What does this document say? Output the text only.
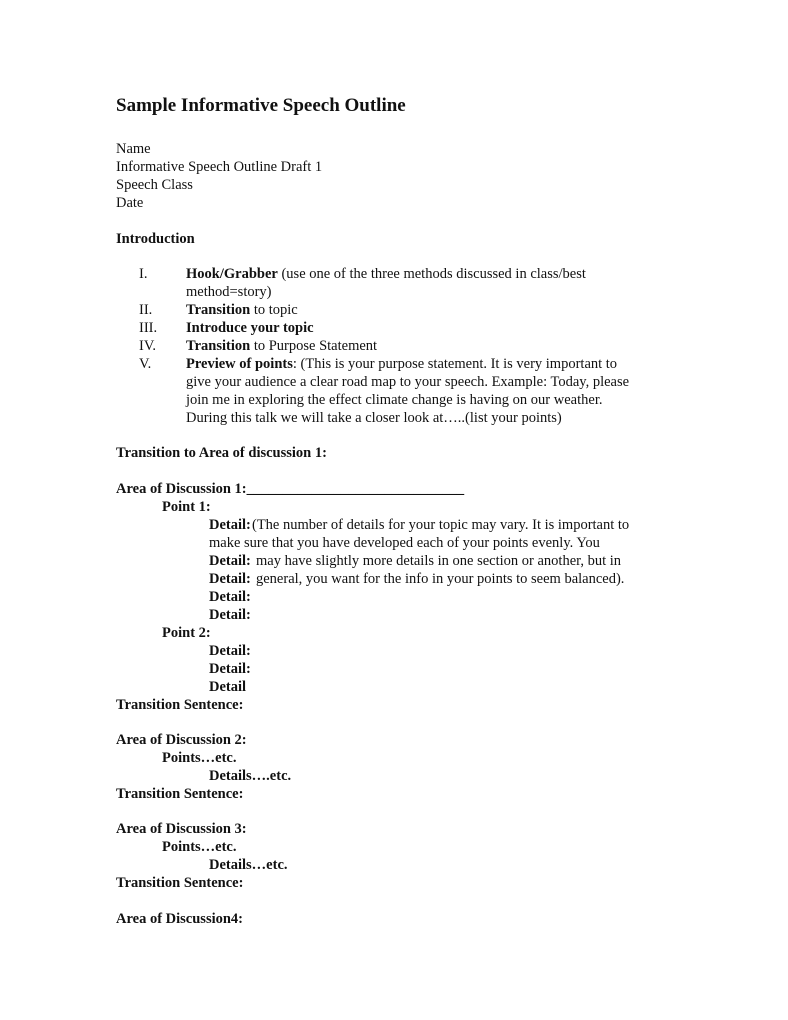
Sample Informative Speech Outline
Name
Informative Speech Outline Draft 1
Speech Class
Date
Introduction
I.	Hook/Grabber (use one of the three methods discussed in class/best
method=story)
II. Transition to topic
III. Introduce your topic
IV. Transition to Purpose Statement
V. Preview of points: (This is your purpose statement. It is very important to
give your audience a clear road map to your speech. Example: Today, please
join me in exploring the effect climate change is having on our weather.
During this talk we will take a closer look at…..(list your points)
Transition to Area of discussion 1:
Area of Discussion 1:______________________________
Point 1:
Detail: (The number of details for your topic may vary. It is important to
make sure that you have developed each of your points evenly. You
Detail: may have slightly more details in one section or another, but in
Detail: general, you want for the info in your points to seem balanced).
Detail:
Detail:
Point 2:
Detail:
Detail:
Detail
Transition Sentence:
Area of Discussion 2:
Points…etc.
Details….etc.
Transition Sentence:
Area of Discussion 3:
Points…etc.
Details…etc.
Transition Sentence:
Area of Discussion4:
